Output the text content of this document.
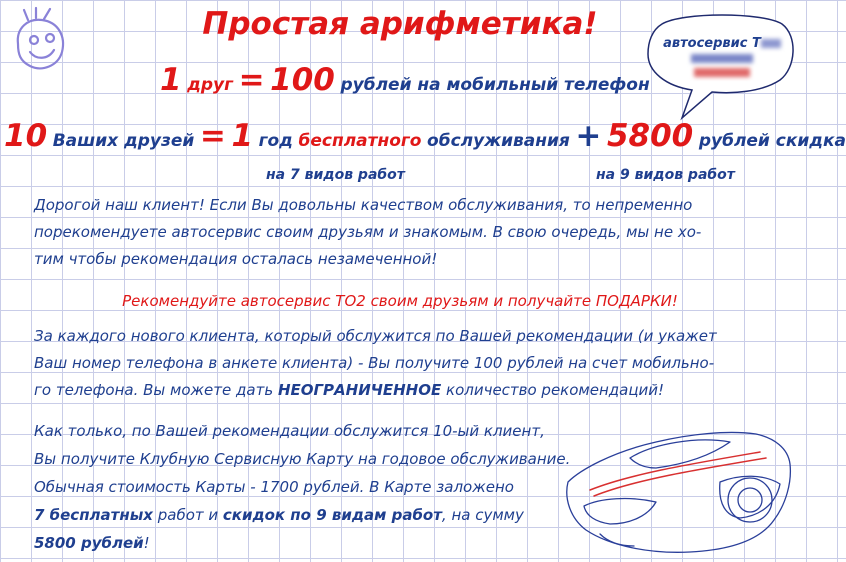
Простая арифметика!
автосервис Т
1 друг = 100 рублей на мобильный телефон
10 Ваших друзей = 1 год бесплатного обслуживания + 5800 рублей скидка
на 7 видов работ	на 9 видов работ
Дорогой наш клиент! Если Вы довольны качеством обслуживания, то непременно
порекомендуете автосервис своим друзьям и знакомым. В свою очередь, мы не хо-
тим чтобы рекомендация осталась незамеченной!
Рекомендуйте автосервис ТО2 своим друзьям и получайте ПОДАРКИ!
За каждого нового клиента, который обслужится по Вашей рекомендации (и укажет
Ваш номер телефона в анкете клиента) - Вы получите 100 рублей на счет мобильно-
го телефона. Вы можете дать НЕОГРАНИЧЕННОЕ количество рекомендаций!
Как только, по Вашей рекомендации обслужится 10-ый клиент,
Вы получите Клубную Сервисную Карту на годовое обслуживание.
Обычная стоимость Карты - 1700 рублей. В Карте заложено
7 бесплатных работ и скидок по 9 видам работ, на сумму
5800 рублей!
